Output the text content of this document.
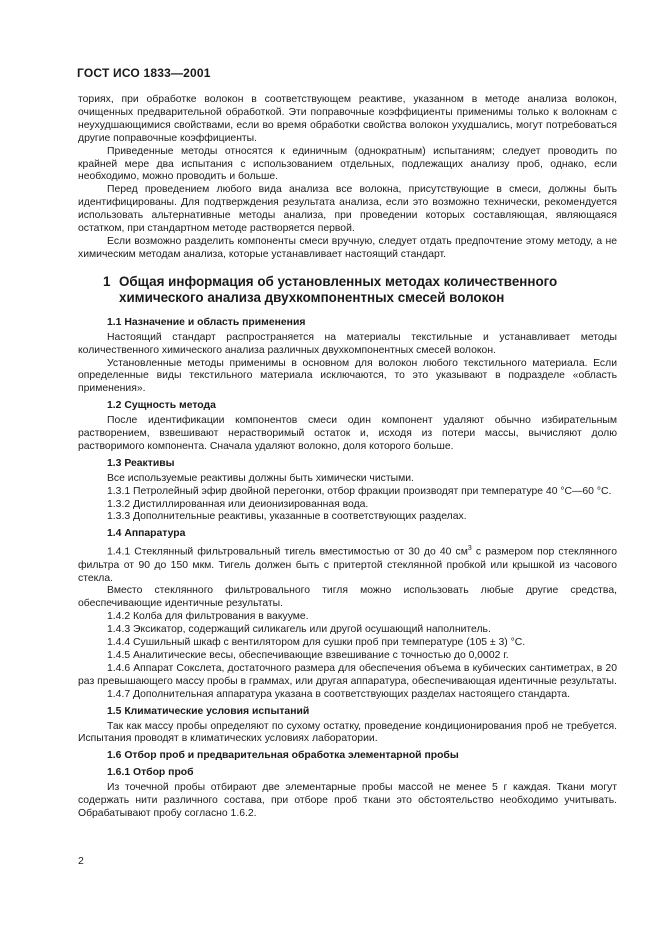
ГОСТ ИСО 1833—2001

ториях, при обработке волокон в соответствующем реактиве, указанном в методе анализа волокон, очищенных предварительной обработкой. Эти поправочные коэффициенты применимы только к волокнам с неухудшающимися свойствами, если во время обработки свойства волокон ухудшались, могут потребоваться другие поправочные коэффициенты.

Приведенные методы относятся к единичным (однократным) испытаниям; следует проводить по крайней мере два испытания с использованием отдельных, подлежащих анализу проб, однако, если необходимо, можно проводить и больше.

Перед проведением любого вида анализа все волокна, присутствующие в смеси, должны быть идентифицированы. Для подтверждения результата анализа, если это возможно технически, рекомендуется использовать альтернативные методы анализа, при проведении которых составляющая, являющаяся остатком, при стандартном методе растворяется первой.

Если возможно разделить компоненты смеси вручную, следует отдать предпочтение этому методу, а не химическим методам анализа, которые устанавливает настоящий стандарт.

1 Общая информация об установленных методах количественного химического анализа двухкомпонентных смесей волокон

1.1 Назначение и область применения

Настоящий стандарт распространяется на материалы текстильные и устанавливает методы количественного химического анализа различных двухкомпонентных смесей волокон.

Установленные методы применимы в основном для волокон любого текстильного материала. Если определенные виды текстильного материала исключаются, то это указывают в подразделе «область применения».

1.2 Сущность метода

После идентификации компонентов смеси один компонент удаляют обычно избирательным растворением, взвешивают нерастворимый остаток и, исходя из потери массы, вычисляют долю растворимого компонента. Сначала удаляют волокно, доля которого больше.

1.3 Реактивы

Все используемые реактивы должны быть химически чистыми.

1.3.1 Петролейный эфир двойной перегонки, отбор фракции производят при температуре 40 °С—60 °С.

1.3.2 Дистиллированная или деионизированная вода.

1.3.3 Дополнительные реактивы, указанные в соответствующих разделах.

1.4 Аппаратура

1.4.1 Стеклянный фильтровальный тигель вместимостью от 30 до 40 $см^3$ с размером пор стеклянного фильтра от 90 до 150 мкм. Тигель должен быть с притертой стеклянной пробкой или крышкой из часового стекла.

Вместо стеклянного фильтровального тигля можно использовать любые другие средства, обеспечивающие идентичные результаты.

1.4.2 Колба для фильтрования в вакууме.

1.4.3 Эксикатор, содержащий силикагель или другой осушающий наполнитель.

1.4.4 Сушильный шкаф с вентилятором для сушки проб при температуре (105 ± 3) °С.

1.4.5 Аналитические весы, обеспечивающие взвешивание с точностью до 0,0002 г.

1.4.6 Аппарат Сокслета, достаточного размера для обеспечения объема в кубических сантиметрах, в 20 раз превышающего массу пробы в граммах, или другая аппаратура, обеспечивающая идентичные результаты.

1.4.7 Дополнительная аппаратура указана в соответствующих разделах настоящего стандарта.

1.5 Климатические условия испытаний

Так как массу пробы определяют по сухому остатку, проведение кондиционирования проб не требуется. Испытания проводят в климатических условиях лаборатории.

1.6 Отбор проб и предварительная обработка элементарной пробы

1.6.1 Отбор проб

Из точечной пробы отбирают две элементарные пробы массой не менее 5 г каждая. Ткани могут содержать нити различного состава, при отборе проб ткани это обстоятельство необходимо учитывать. Обрабатывают пробу согласно 1.6.2.

2
